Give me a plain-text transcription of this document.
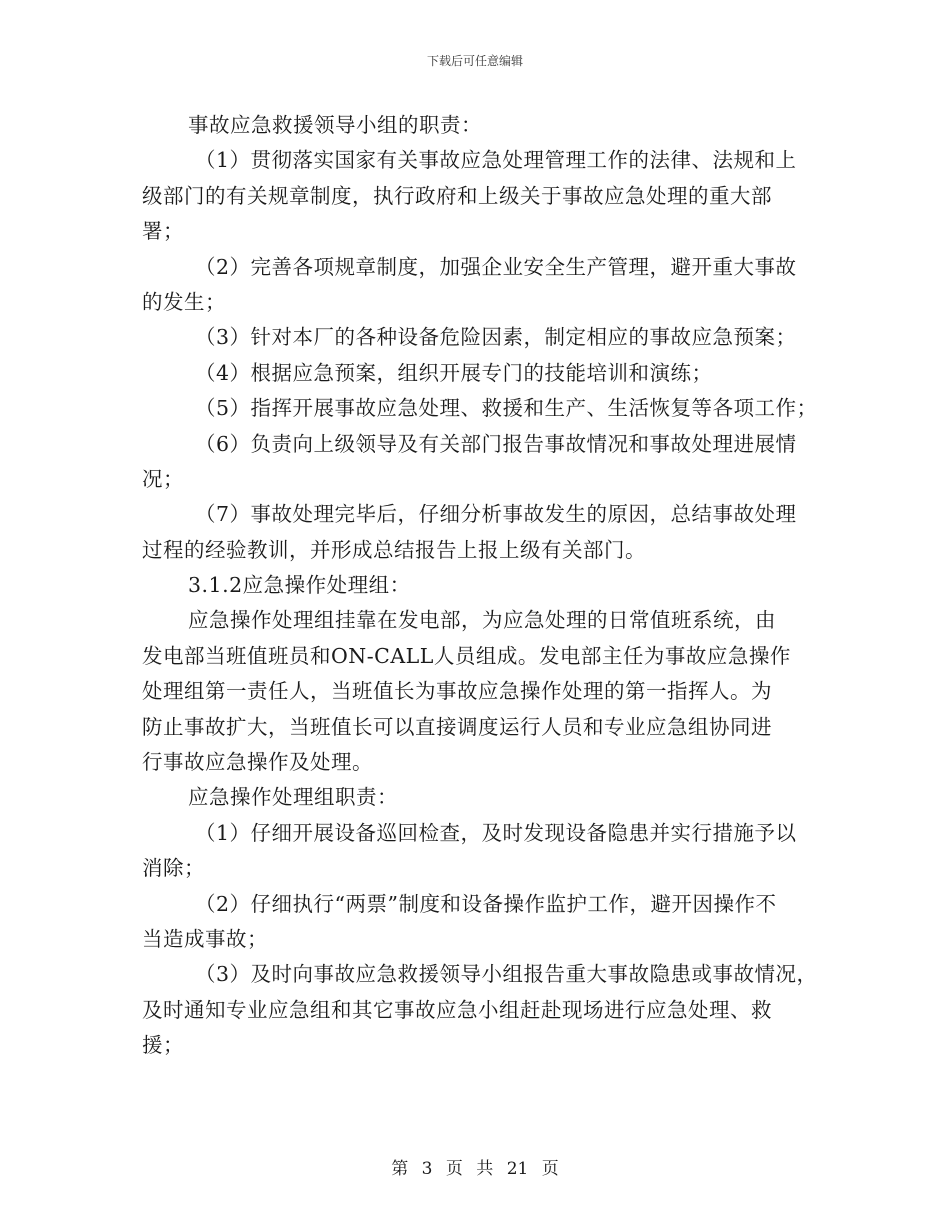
下载后可任意编辑
事故应急救援领导小组的职责：
（1）贯彻落实国家有关事故应急处理管理工作的法律、法规和上
级部门的有关规章制度，执行政府和上级关于事故应急处理的重大部
署；
（2）完善各项规章制度，加强企业安全生产管理，避开重大事故
的发生；
（3）针对本厂的各种设备危险因素，制定相应的事故应急预案；
（4）根据应急预案，组织开展专门的技能培训和演练；
（5）指挥开展事故应急处理、救援和生产、生活恢复等各项工作；
（6）负责向上级领导及有关部门报告事故情况和事故处理进展情
况；
（7）事故处理完毕后，仔细分析事故发生的原因，总结事故处理
过程的经验教训，并形成总结报告上报上级有关部门。
3.1.2应急操作处理组：
应急操作处理组挂靠在发电部，为应急处理的日常值班系统，由
发电部当班值班员和ON-CALL人员组成。发电部主任为事故应急操作
处理组第一责任人，当班值长为事故应急操作处理的第一指挥人。为
防止事故扩大，当班值长可以直接调度运行人员和专业应急组协同进
行事故应急操作及处理。
应急操作处理组职责：
（1）仔细开展设备巡回检查，及时发现设备隐患并实行措施予以
消除；
（2）仔细执行“两票”制度和设备操作监护工作，避开因操作不
当造成事故；
（3）及时向事故应急救援领导小组报告重大事故隐患或事故情况，
及时通知专业应急组和其它事故应急小组赶赴现场进行应急处理、救
援；
第 3 页 共 21 页
